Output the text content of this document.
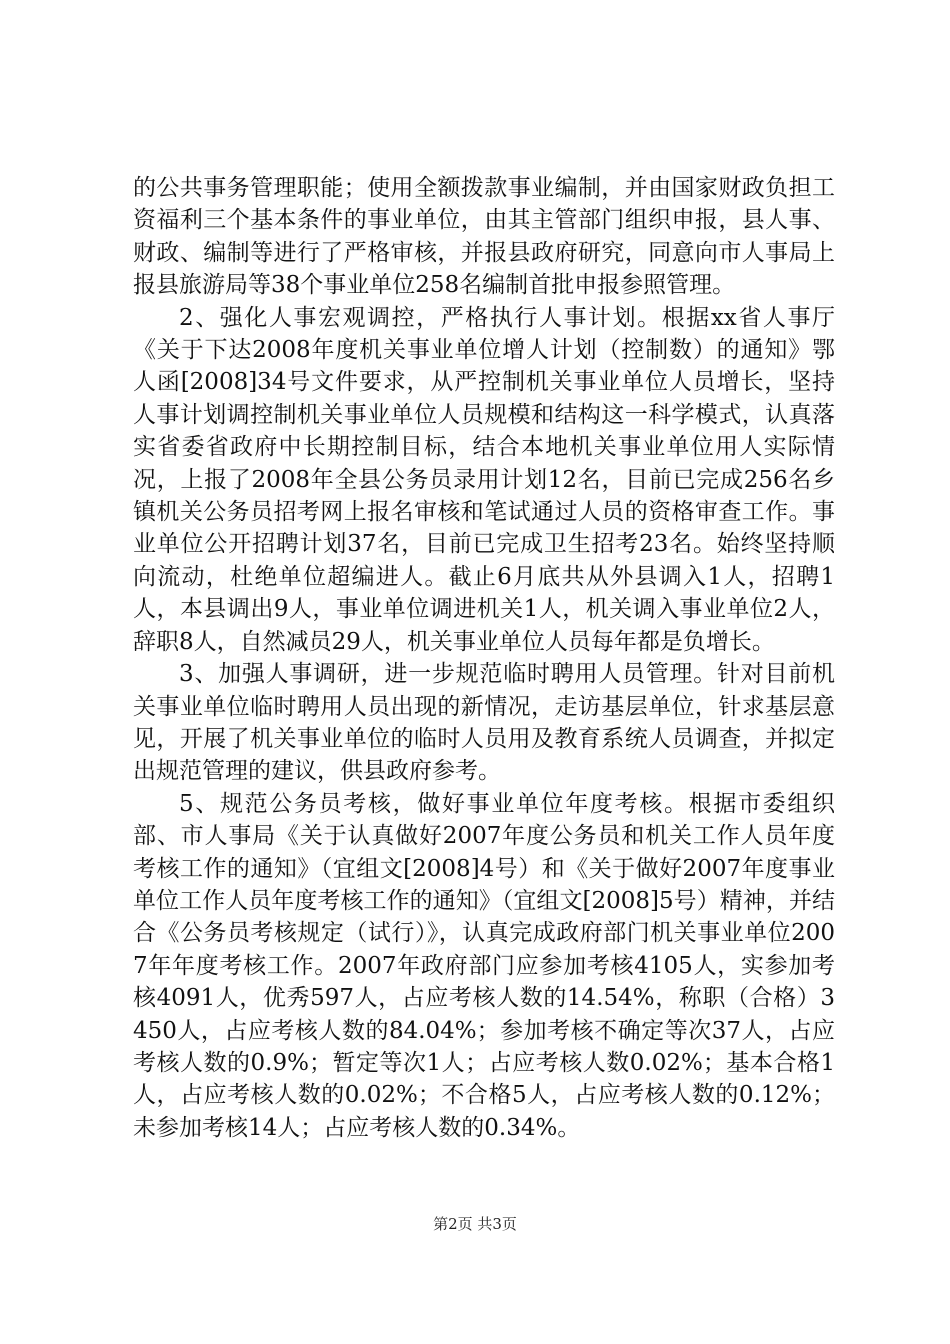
的公共事务管理职能；使用全额拨款事业编制，并由国家财政负担工资福利三个基本条件的事业单位，由其主管部门组织申报，县人事、财政、编制等进行了严格审核，并报县政府研究，同意向市人事局上报县旅游局等38个事业单位258名编制首批申报参照管理。

2、强化人事宏观调控，严格执行人事计划。根据xx省人事厅《关于下达2008年度机关事业单位增人计划（控制数）的通知》鄂人函[2008]34号文件要求，从严控制机关事业单位人员增长，坚持人事计划调控制机关事业单位人员规模和结构这一科学模式，认真落实省委省政府中长期控制目标，结合本地机关事业单位用人实际情况，上报了2008年全县公务员录用计划12名，目前已完成256名乡镇机关公务员招考网上报名审核和笔试通过人员的资格审查工作。事业单位公开招聘计划37名，目前已完成卫生招考23名。始终坚持顺向流动，杜绝单位超编进人。截止6月底共从外县调入1人，招聘1人，本县调出9人，事业单位调进机关1人，机关调入事业单位2人，辞职8人，自然减员29人，机关事业单位人员每年都是负增长。

3、加强人事调研，进一步规范临时聘用人员管理。针对目前机关事业单位临时聘用人员出现的新情况，走访基层单位，针求基层意见，开展了机关事业单位的临时人员用及教育系统人员调查，并拟定出规范管理的建议，供县政府参考。

5、规范公务员考核，做好事业单位年度考核。根据市委组织部、市人事局《关于认真做好2007年度公务员和机关工作人员年度考核工作的通知》（宜组文[2008]4号）和《关于做好2007年度事业单位工作人员年度考核工作的通知》（宜组文[2008]5号）精神，并结合《公务员考核规定（试行）》，认真完成政府部门机关事业单位2007年年度考核工作。2007年政府部门应参加考核4105人，实参加考核4091人，优秀597人，占应考核人数的14.54%，称职（合格）3450人，占应考核人数的84.04%；参加考核不确定等次37人，占应考核人数的0.9%；暂定等次1人；占应考核人数0.02%；基本合格1人，占应考核人数的0.02%；不合格5人，占应考核人数的0.12%；未参加考核14人；占应考核人数的0.34%。

第2页 共3页
